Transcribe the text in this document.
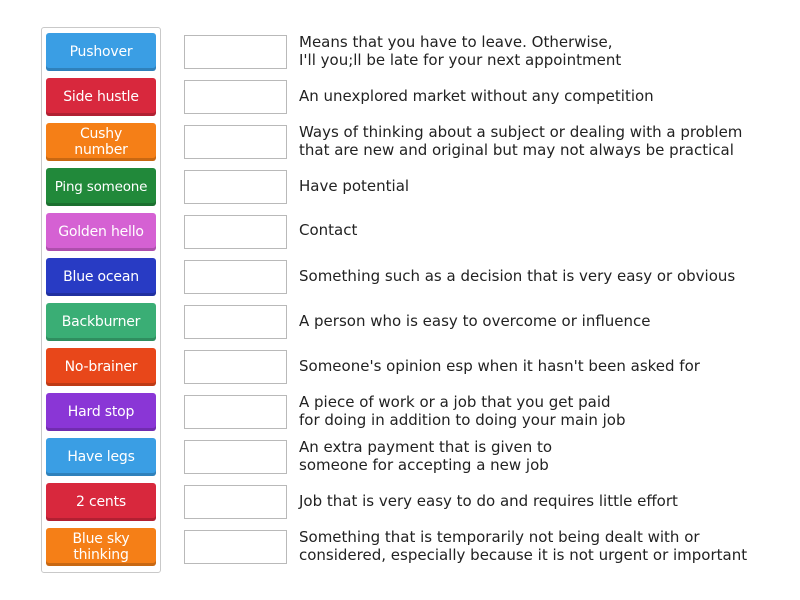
Pushover
Side hustle
Cushy
number
Ping someone
Golden hello
Blue ocean
Backburner
No-brainer
Hard stop
Have legs
2 cents
Blue sky
thinking
Means that you have to leave. Otherwise,
I'll you;ll be late for your next appointment
An unexplored market without any competition
Ways of thinking about a subject or dealing with a problem
that are new and original but may not always be practical
Have potential
Contact
Something such as a decision that is very easy or obvious
A person who is easy to overcome or influence
Someone's opinion esp when it hasn't been asked for
A piece of work or a job that you get paid
for doing in addition to doing your main job
An extra payment that is given to
someone for accepting a new job
Job that is very easy to do and requires little effort
Something that is temporarily not being dealt with or
considered, especially because it is not urgent or important
